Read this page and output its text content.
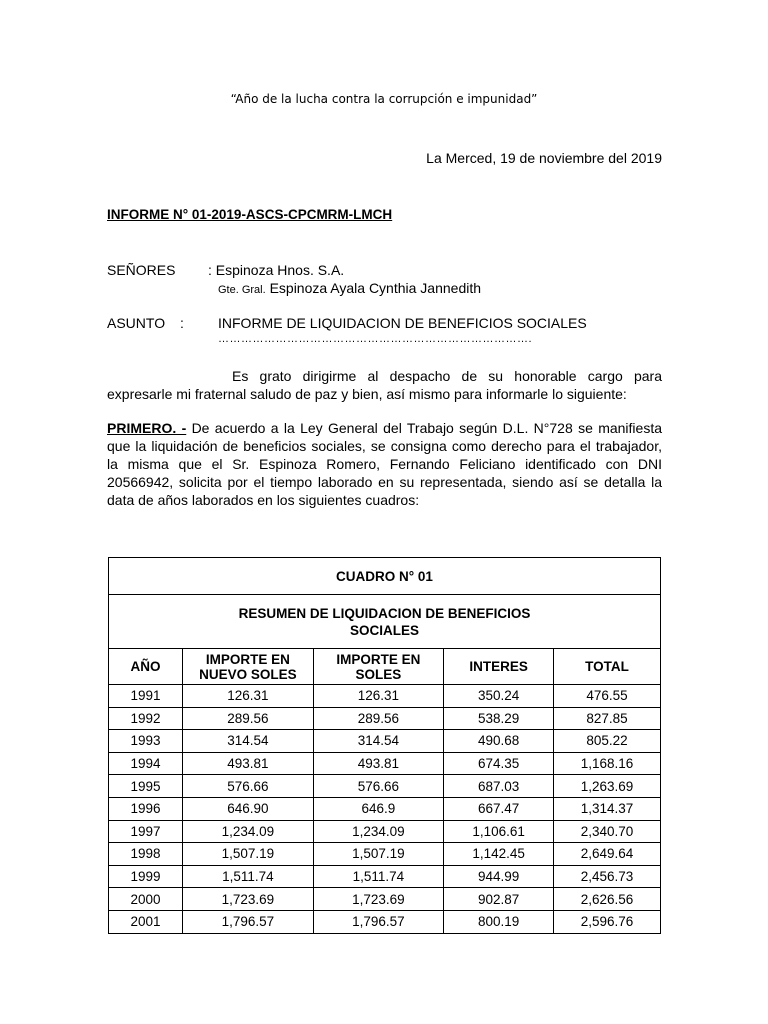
“Año de la lucha contra la corrupción e impunidad”
La Merced, 19 de noviembre del 2019
INFORME N° 01-2019-ASCS-CPCMRM-LMCH
SEÑORES : Espinoza Hnos. S.A.
Gte. Gral. Espinoza Ayala Cynthia Jannedith
ASUNTO : INFORME DE LIQUIDACION DE BENEFICIOS SOCIALES
……………………………………………………………………….
Es grato dirigirme al despacho de su honorable cargo para expresarle mi fraternal saludo de paz y bien, así mismo para informarle lo siguiente:
PRIMERO. - De acuerdo a la Ley General del Trabajo según D.L. N°728 se manifiesta que la liquidación de beneficios sociales, se consigna como derecho para el trabajador, la misma que el Sr. Espinoza Romero, Fernando Feliciano identificado con DNI 20566942, solicita por el tiempo laborado en su representada, siendo así se detalla la data de años laborados en los siguientes cuadros:
CUADRO N° 01				
RESUMEN DE LIQUIDACION DE BENEFICIOS
SOCIALES				
AÑO	IMPORTE EN NUEVO SOLES	IMPORTE EN SOLES	INTERES	TOTAL
1991	126.31	126.31	350.24	476.55
1992	289.56	289.56	538.29	827.85
1993	314.54	314.54	490.68	805.22
1994	493.81	493.81	674.35	1,168.16
1995	576.66	576.66	687.03	1,263.69
1996	646.90	646.9	667.47	1,314.37
1997	1,234.09	1,234.09	1,106.61	2,340.70
1998	1,507.19	1,507.19	1,142.45	2,649.64
1999	1,511.74	1,511.74	944.99	2,456.73
2000	1,723.69	1,723.69	902.87	2,626.56
2001	1,796.57	1,796.57	800.19	2,596.76
